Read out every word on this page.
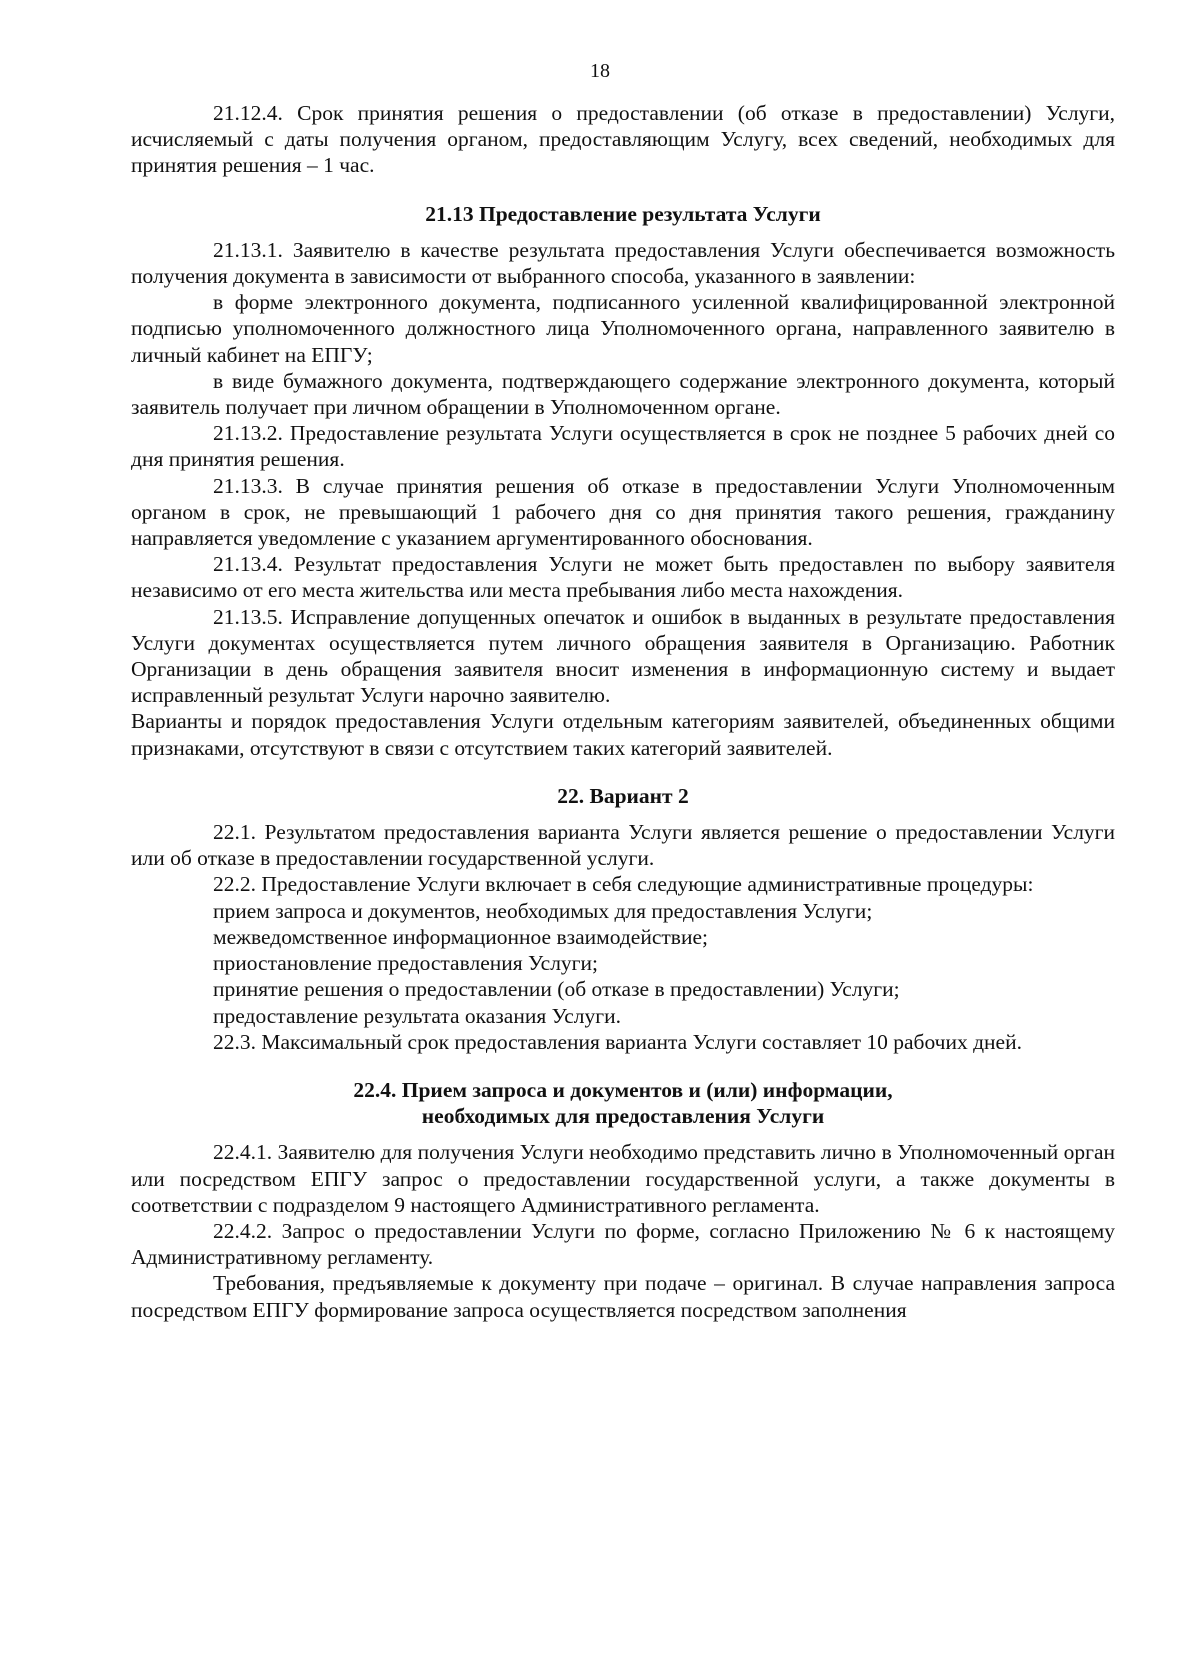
18

21.12.4. Срок принятия решения о предоставлении (об отказе в предоставлении) Услуги, исчисляемый с даты получения органом, предоставляющим Услугу, всех сведений, необходимых для принятия решения – 1 час.

21.13 Предоставление результата Услуги

21.13.1. Заявителю в качестве результата предоставления Услуги обеспечивается возможность получения документа в зависимости от выбранного способа, указанного в заявлении:

в форме электронного документа, подписанного усиленной квалифицированной электронной подписью уполномоченного должностного лица Уполномоченного органа, направленного заявителю в личный кабинет на ЕПГУ;

в виде бумажного документа, подтверждающего содержание электронного документа, который заявитель получает при личном обращении в Уполномоченном органе.

21.13.2. Предоставление результата Услуги осуществляется в срок не позднее 5 рабочих дней со дня принятия решения.

21.13.3. В случае принятия решения об отказе в предоставлении Услуги Уполномоченным органом в срок, не превышающий 1 рабочего дня со дня принятия такого решения, гражданину направляется уведомление с указанием аргументированного обоснования.

21.13.4. Результат предоставления Услуги не может быть предоставлен по выбору заявителя независимо от его места жительства или места пребывания либо места нахождения.

21.13.5. Исправление допущенных опечаток и ошибок в выданных в результате предоставления Услуги документах осуществляется путем личного обращения заявителя в Организацию. Работник Организации в день обращения заявителя вносит изменения в информационную систему и выдает исправленный результат Услуги нарочно заявителю.

Варианты и порядок предоставления Услуги отдельным категориям заявителей, объединенных общими признаками, отсутствуют в связи с отсутствием таких категорий заявителей.

22. Вариант 2

22.1. Результатом предоставления варианта Услуги является решение о предоставлении Услуги или об отказе в предоставлении государственной услуги.

22.2. Предоставление Услуги включает в себя следующие административные процедуры:

прием запроса и документов, необходимых для предоставления Услуги;

межведомственное информационное взаимодействие;

приостановление предоставления Услуги;

принятие решения о предоставлении (об отказе в предоставлении) Услуги;

предоставление результата оказания Услуги.

22.3. Максимальный срок предоставления варианта Услуги составляет 10 рабочих дней.

22.4. Прием запроса и документов и (или) информации,
необходимых для предоставления Услуги

22.4.1. Заявителю для получения Услуги необходимо представить лично в Уполномоченный орган или посредством ЕПГУ запрос о предоставлении государственной услуги, а также документы в соответствии с подразделом 9 настоящего Административного регламента.

22.4.2. Запрос о предоставлении Услуги по форме, согласно Приложению № 6 к настоящему Административному регламенту.

Требования, предъявляемые к документу при подаче – оригинал. В случае направления запроса посредством ЕПГУ формирование запроса осуществляется посредством заполнения
